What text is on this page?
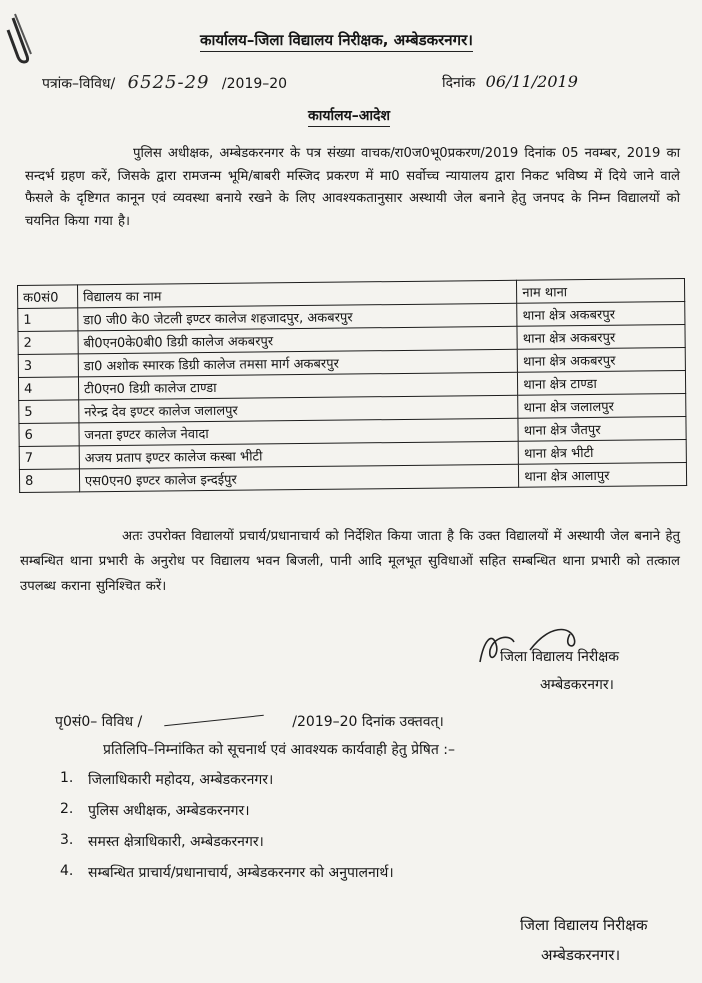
कार्यालय–जिला विद्यालय निरीक्षक, अम्बेडकरनगर।
पत्रांक–विविध/ 6525-29 /2019–20	दिनांक 06/11/2019
कार्यालय–आदेश
पुलिस अधीक्षक, अम्बेडकरनगर के पत्र संख्या वाचक/रा0ज0भू0प्रकरण/2019 दिनांक 05 नवम्बर, 2019 का सन्दर्भ ग्रहण करें, जिसके द्वारा रामजन्म भूमि/बाबरी मस्जिद प्रकरण में मा0 सर्वोच्च न्यायालय द्वारा निकट भविष्य में दिये जाने वाले फैसले के दृष्टिगत कानून एवं व्यवस्था बनाये रखने के लिए आवश्यकतानुसार अस्थायी जेल बनाने हेतु जनपद के निम्न विद्यालयों को चयनित किया गया है।
क0सं0	विद्यालय का नाम	नाम थाना
1	डा0 जी0 के0 जेटली इण्टर कालेज शहजादपुर, अकबरपुर	थाना क्षेत्र अकबरपुर
2	बी0एन0के0बी0 डिग्री कालेज अकबरपुर	थाना क्षेत्र अकबरपुर
3	डा0 अशोक स्मारक डिग्री कालेज तमसा मार्ग अकबरपुर	थाना क्षेत्र अकबरपुर
4	टी0एन0 डिग्री कालेज टाण्डा	थाना क्षेत्र टाण्डा
5	नरेन्द्र देव इण्टर कालेज जलालपुर	थाना क्षेत्र जलालपुर
6	जनता इण्टर कालेज नेवादा	थाना क्षेत्र जैतपुर
7	अजय प्रताप इण्टर कालेज कस्बा भीटी	थाना क्षेत्र भीटी
8	एस0एन0 इण्टर कालेज इन्दईपुर	थाना क्षेत्र आलापुर
अतः उपरोक्त विद्यालयों प्रचार्य/प्रधानाचार्य को निर्देशित किया जाता है कि उक्त विद्यालयों में अस्थायी जेल बनाने हेतु सम्बन्धित थाना प्रभारी के अनुरोध पर विद्यालय भवन बिजली, पानी आदि मूलभूत सुविधाओं सहित सम्बन्धित थाना प्रभारी को तत्काल उपलब्ध कराना सुनिश्चित करें।
जिला विद्यालय निरीक्षक
अम्बेडकरनगर।
पृ0सं0– विविध /	/2019–20 दिनांक उक्तवत्।
प्रतिलिपि–निम्नांकित को सूचनार्थ एवं आवश्यक कार्यवाही हेतु प्रेषित :–
1.	जिलाधिकारी महोदय, अम्बेडकरनगर।
2.	पुलिस अधीक्षक, अम्बेडकरनगर।
3.	समस्त क्षेत्राधिकारी, अम्बेडकरनगर।
4.	सम्बन्धित प्राचार्य/प्रधानाचार्य, अम्बेडकरनगर को अनुपालनार्थ।
जिला विद्यालय निरीक्षक
अम्बेडकरनगर।
